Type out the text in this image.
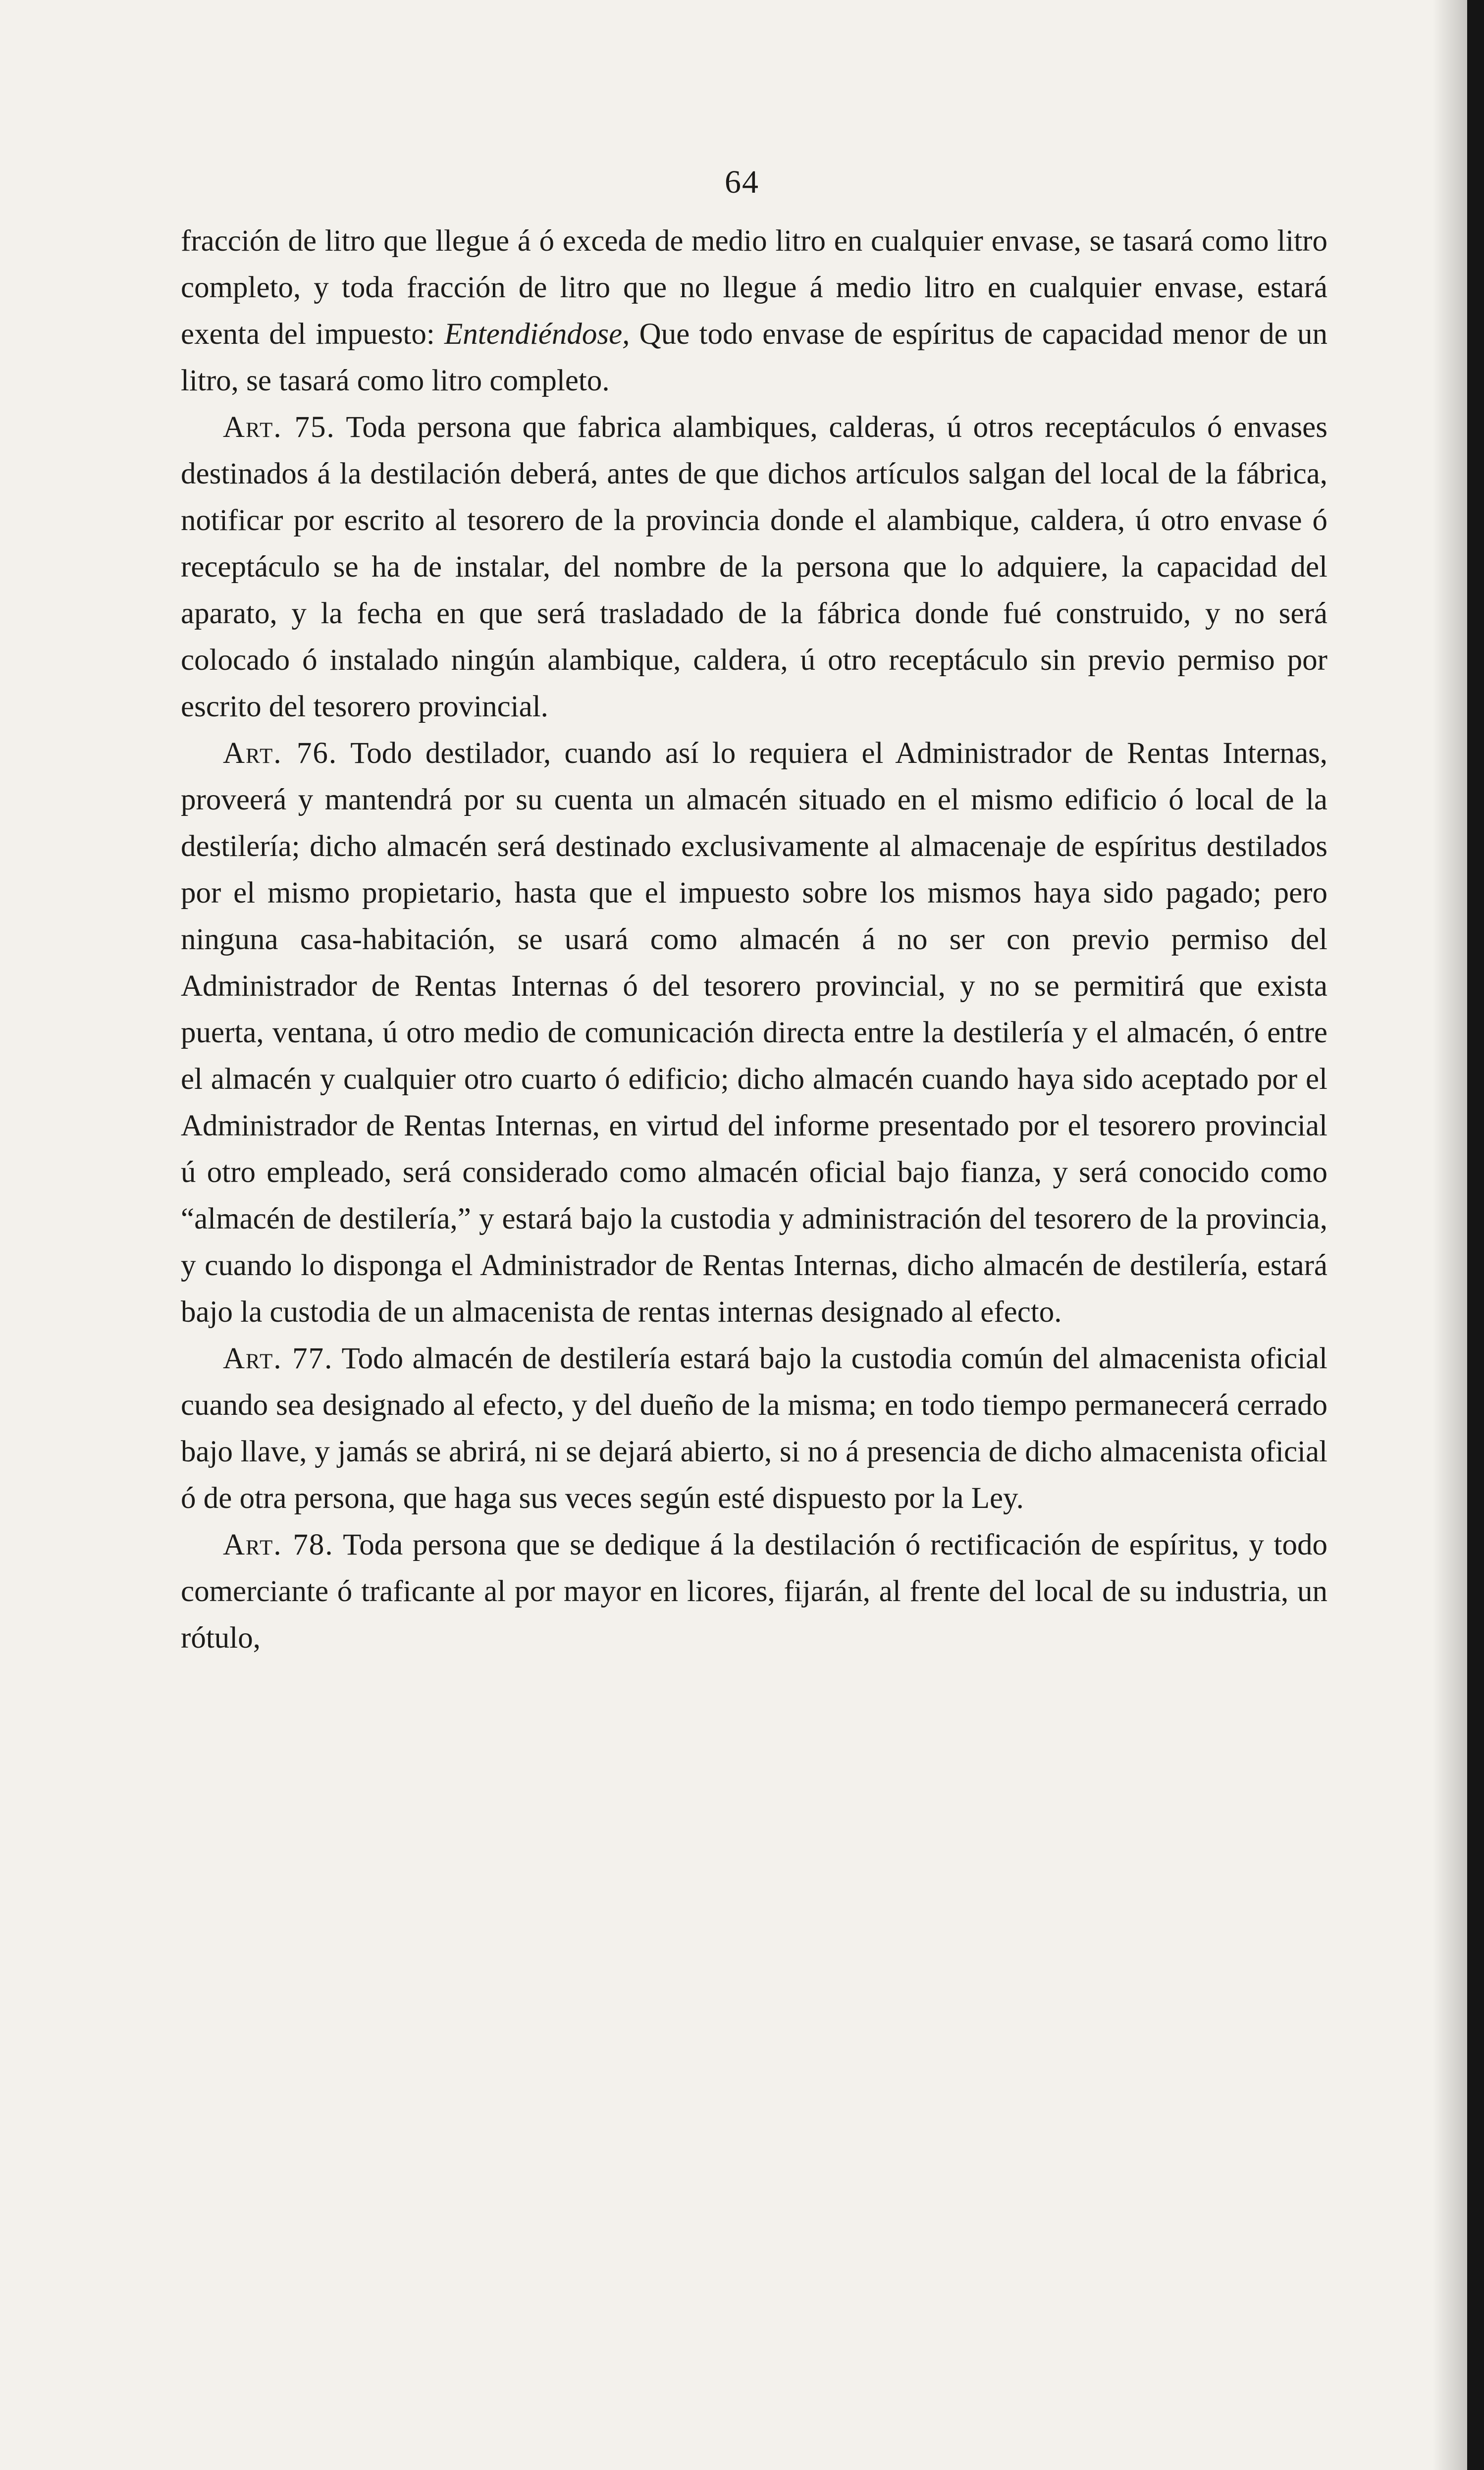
64

fracción de litro que llegue á ó exceda de medio litro en cualquier envase, se tasará como litro completo, y toda fracción de litro que no llegue á medio litro en cualquier envase, estará exenta del impuesto: Entendiéndose, Que todo envase de espíritus de capacidad menor de un litro, se tasará como litro completo.

Art. 75. Toda persona que fabrica alambiques, calderas, ú otros receptáculos ó envases destinados á la destilación deberá, antes de que dichos artículos salgan del local de la fábrica, notificar por escrito al tesorero de la provincia donde el alambique, caldera, ú otro envase ó receptáculo se ha de instalar, del nombre de la persona que lo adquiere, la capacidad del aparato, y la fecha en que será trasladado de la fábrica donde fué construido, y no será colocado ó instalado ningún alambique, caldera, ú otro receptáculo sin previo permiso por escrito del tesorero provincial.

Art. 76. Todo destilador, cuando así lo requiera el Administrador de Rentas Internas, proveerá y mantendrá por su cuenta un almacén situado en el mismo edificio ó local de la destilería; dicho almacén será destinado exclusivamente al almacenaje de espíritus destilados por el mismo propietario, hasta que el impuesto sobre los mismos haya sido pagado; pero ninguna casa-habitación, se usará como almacén á no ser con previo permiso del Administrador de Rentas Internas ó del tesorero provincial, y no se permitirá que exista puerta, ventana, ú otro medio de comunicación directa entre la destilería y el almacén, ó entre el almacén y cualquier otro cuarto ó edificio; dicho almacén cuando haya sido aceptado por el Administrador de Rentas Internas, en virtud del informe presentado por el tesorero provincial ú otro empleado, será considerado como almacén oficial bajo fianza, y será conocido como “almacén de destilería,” y estará bajo la custodia y administración del tesorero de la provincia, y cuando lo disponga el Administrador de Rentas Internas, dicho almacén de destilería, estará bajo la custodia de un almacenista de rentas internas designado al efecto.

Art. 77. Todo almacén de destilería estará bajo la custodia común del almacenista oficial cuando sea designado al efecto, y del dueño de la misma; en todo tiempo permanecerá cerrado bajo llave, y jamás se abrirá, ni se dejará abierto, si no á presencia de dicho almacenista oficial ó de otra persona, que haga sus veces según esté dispuesto por la Ley.

Art. 78. Toda persona que se dedique á la destilación ó rectificación de espíritus, y todo comerciante ó traficante al por mayor en licores, fijarán, al frente del local de su industria, un rótulo,
